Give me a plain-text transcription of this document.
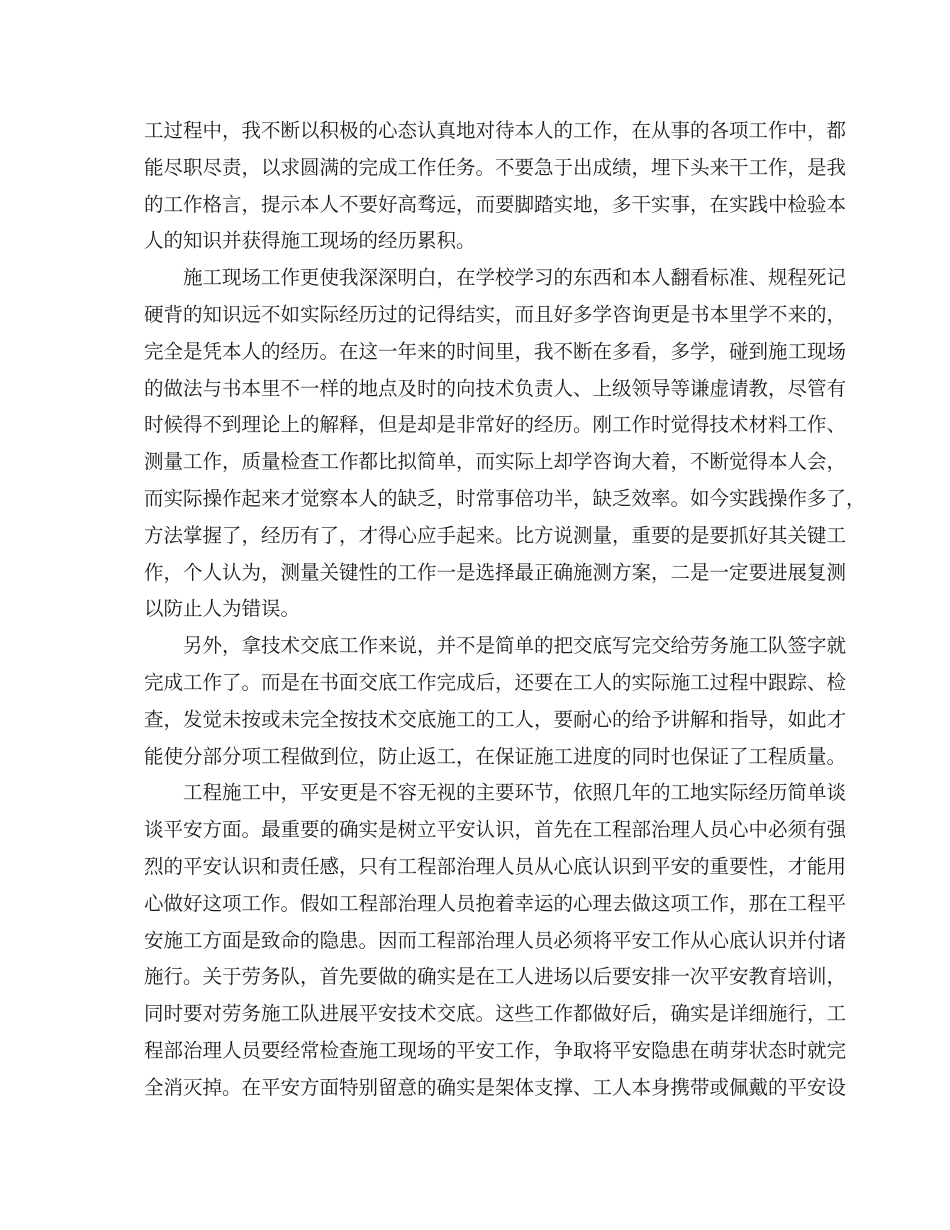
工过程中，我不断以积极的心态认真地对待本人的工作，在从事的各项工作中，都
能尽职尽责，以求圆满的完成工作任务。不要急于出成绩，埋下头来干工作，是我
的工作格言，提示本人不要好高骛远，而要脚踏实地，多干实事，在实践中检验本
人的知识并获得施工现场的经历累积。
施工现场工作更使我深深明白，在学校学习的东西和本人翻看标准、规程死记
硬背的知识远不如实际经历过的记得结实，而且好多学咨询更是书本里学不来的，
完全是凭本人的经历。在这一年来的时间里，我不断在多看，多学，碰到施工现场
的做法与书本里不一样的地点及时的向技术负责人、上级领导等谦虚请教，尽管有
时候得不到理论上的解释，但是却是非常好的经历。刚工作时觉得技术材料工作、
测量工作，质量检查工作都比拟简单，而实际上却学咨询大着，不断觉得本人会，
而实际操作起来才觉察本人的缺乏，时常事倍功半，缺乏效率。如今实践操作多了，
方法掌握了，经历有了，才得心应手起来。比方说测量，重要的是要抓好其关键工
作，个人认为，测量关键性的工作一是选择最正确施测方案，二是一定要进展复测
以防止人为错误。
另外，拿技术交底工作来说，并不是简单的把交底写完交给劳务施工队签字就
完成工作了。而是在书面交底工作完成后，还要在工人的实际施工过程中跟踪、检
查，发觉未按或未完全按技术交底施工的工人，要耐心的给予讲解和指导，如此才
能使分部分项工程做到位，防止返工，在保证施工进度的同时也保证了工程质量。
工程施工中，平安更是不容无视的主要环节，依照几年的工地实际经历简单谈
谈平安方面。最重要的确实是树立平安认识，首先在工程部治理人员心中必须有强
烈的平安认识和责任感，只有工程部治理人员从心底认识到平安的重要性，才能用
心做好这项工作。假如工程部治理人员抱着幸运的心理去做这项工作，那在工程平
安施工方面是致命的隐患。因而工程部治理人员必须将平安工作从心底认识并付诸
施行。关于劳务队，首先要做的确实是在工人进场以后要安排一次平安教育培训，
同时要对劳务施工队进展平安技术交底。这些工作都做好后，确实是详细施行，工
程部治理人员要经常检查施工现场的平安工作，争取将平安隐患在萌芽状态时就完
全消灭掉。在平安方面特别留意的确实是架体支撑、工人本身携带或佩戴的平安设
